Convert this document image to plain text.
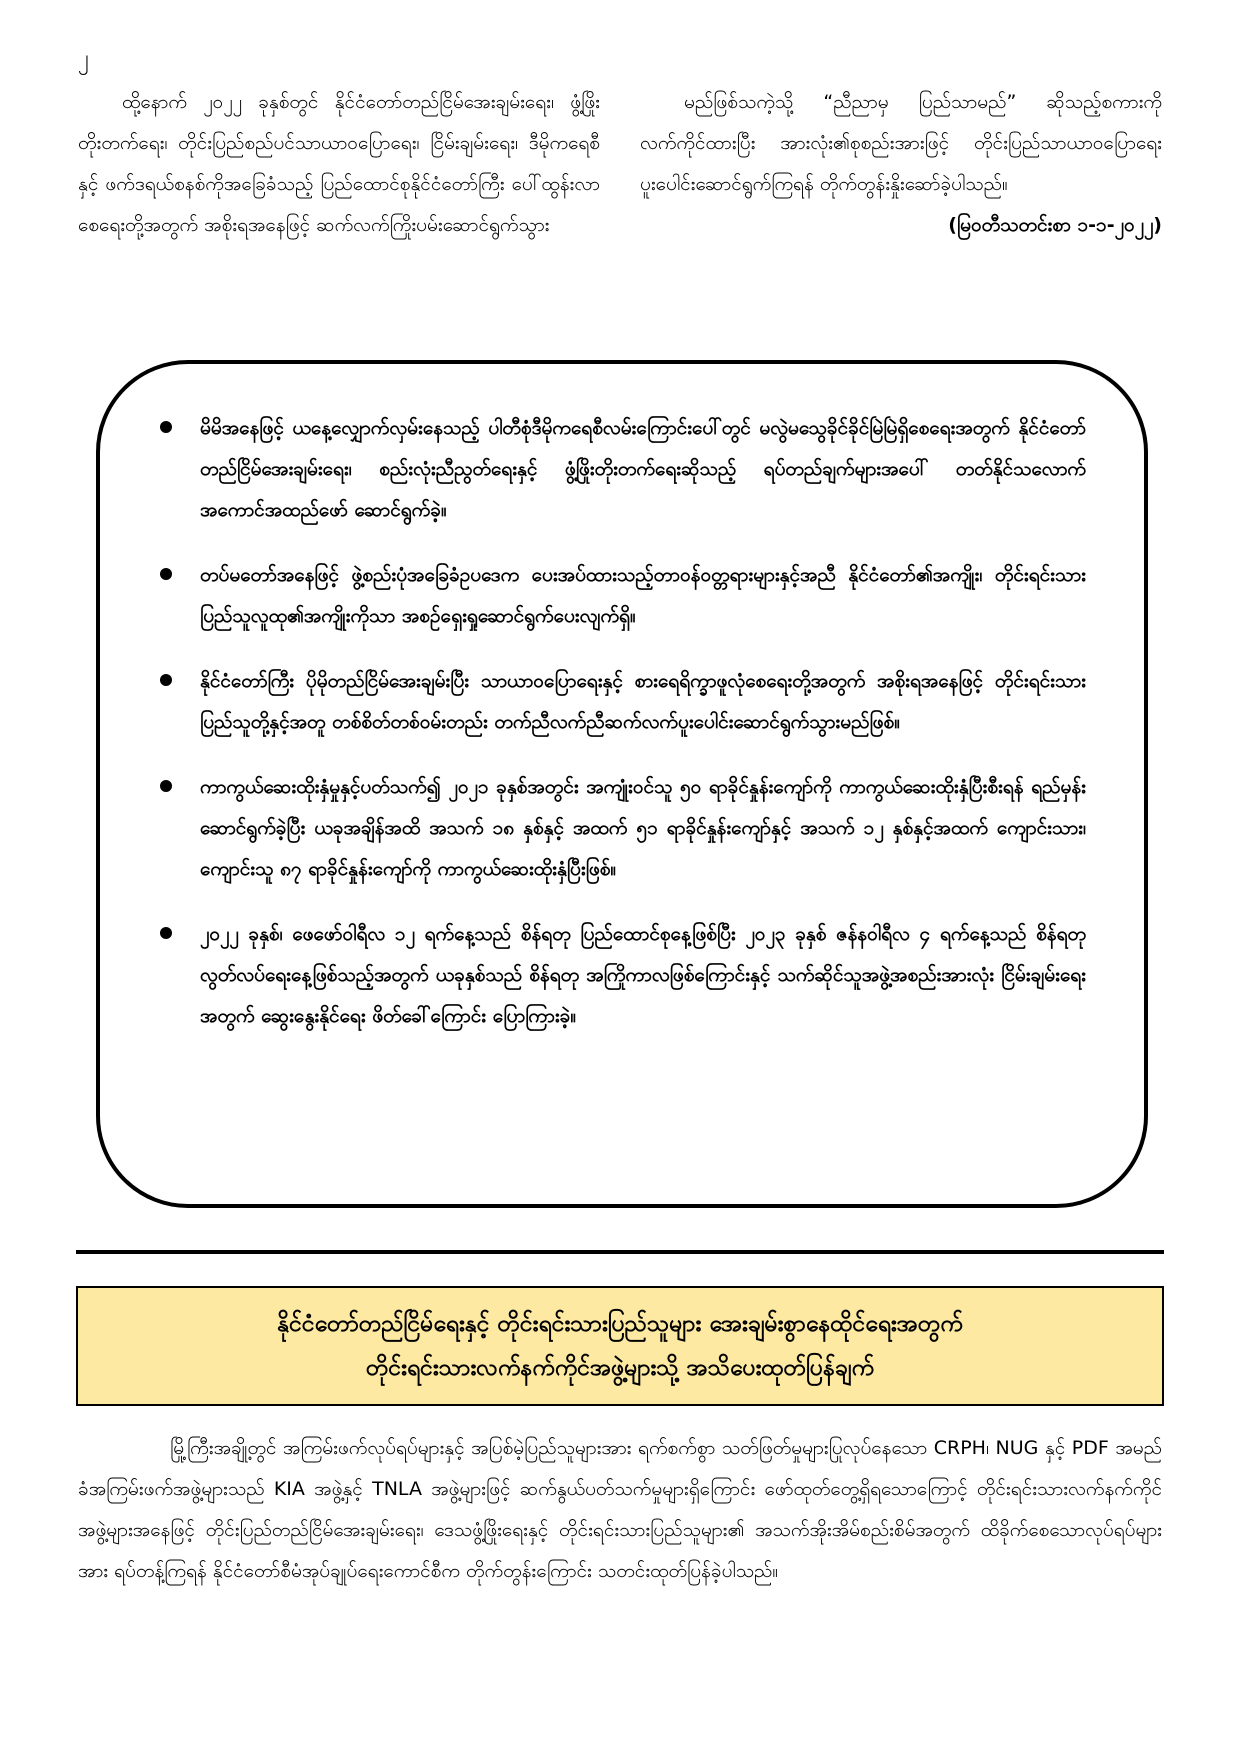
၂

ထို့နောက် ၂၀၂၂ ခုနှစ်တွင် နိုင်ငံတော်တည်ငြိမ်အေးချမ်းရေး၊ ဖွံ့ဖြိုးတိုးတက်ရေး၊ တိုင်းပြည်စည်ပင်သာယာဝပြောရေး၊ ငြိမ်းချမ်းရေး၊ ဒီမိုကရေစီနှင့် ဖက်ဒရယ်စနစ်ကိုအခြေခံသည့် ပြည်ထောင်စုနိုင်ငံတော်ကြီး ပေါ်ထွန်းလာစေရေးတို့အတွက် အစိုးရအနေဖြင့် ဆက်လက်ကြိုးပမ်းဆောင်ရွက်သွား

မည်ဖြစ်သကဲ့သို့ “ညီညာမှ ပြည်သာမည်” ဆိုသည့်စကားကို လက်ကိုင်ထားပြီး အားလုံး၏စုစည်းအားဖြင့် တိုင်းပြည်သာယာဝပြောရေး ပူးပေါင်းဆောင်ရွက်ကြရန် တိုက်တွန်းနှိုးဆော်ခဲ့ပါသည်။

(မြဝတီသတင်းစာ ၁-၁-၂၀၂၂)
မိမိအနေဖြင့် ယနေ့လျှောက်လှမ်းနေသည့် ပါတီစုံဒီမိုကရေစီလမ်းကြောင်းပေါ်တွင် မလွဲမသွေခိုင်ခိုင်မြဲမြဲရှိစေရေးအတွက် နိုင်ငံတော်တည်ငြိမ်အေးချမ်းရေး၊ စည်းလုံးညီညွတ်ရေးနှင့် ဖွံ့ဖြိုးတိုးတက်ရေးဆိုသည့် ရပ်တည်ချက်များအပေါ် တတ်နိုင်သလောက် အကောင်အထည်ဖော် ဆောင်ရွက်ခဲ့။
တပ်မတော်အနေဖြင့် ဖွဲ့စည်းပုံအခြေခံဥပဒေက ပေးအပ်ထားသည့်တာဝန်ဝတ္တရားများနှင့်အညီ နိုင်ငံတော်၏အကျိုး၊ တိုင်းရင်းသားပြည်သူလူထု၏အကျိုးကိုသာ အစဉ်ရှေးရှုဆောင်ရွက်ပေးလျက်ရှိ။
နိုင်ငံတော်ကြီး ပိုမိုတည်ငြိမ်အေးချမ်းပြီး သာယာဝပြောရေးနှင့် စားရေရိက္ခာဖူလုံစေရေးတို့အတွက် အစိုးရအနေဖြင့် တိုင်းရင်းသားပြည်သူတို့နှင့်အတူ တစ်စိတ်တစ်ဝမ်းတည်း တက်ညီလက်ညီဆက်လက်ပူးပေါင်းဆောင်ရွက်သွားမည်ဖြစ်။
ကာကွယ်ဆေးထိုးနှံမှုနှင့်ပတ်သက်၍ ၂၀၂၁ ခုနှစ်အတွင်း အကျုံးဝင်သူ ၅၀ ရာခိုင်နှုန်းကျော်ကို ကာကွယ်ဆေးထိုးနှံပြီးစီးရန် ရည်မှန်းဆောင်ရွက်ခဲ့ပြီး ယခုအချိန်အထိ အသက် ၁၈ နှစ်နှင့် အထက် ၅၁ ရာခိုင်နှုန်းကျော်နှင့် အသက် ၁၂ နှစ်နှင့်အထက် ကျောင်းသား၊ ကျောင်းသူ ၈၇ ရာခိုင်နှုန်းကျော်ကို ကာကွယ်ဆေးထိုးနှံပြီးဖြစ်။
၂၀၂၂ ခုနှစ်၊ ဖေဖော်ဝါရီလ ၁၂ ရက်နေ့သည် စိန်ရတု ပြည်ထောင်စုနေ့ဖြစ်ပြီး ၂၀၂၃ ခုနှစ် ဇန်နဝါရီလ ၄ ရက်နေ့သည် စိန်ရတုလွတ်လပ်ရေးနေ့ဖြစ်သည့်အတွက် ယခုနှစ်သည် စိန်ရတု အကြိုကာလဖြစ်ကြောင်းနှင့် သက်ဆိုင်သူအဖွဲ့အစည်းအားလုံး ငြိမ်းချမ်းရေးအတွက် ဆွေးနွေးနိုင်ရေး ဖိတ်ခေါ်ကြောင်း ပြောကြားခဲ့။
နိုင်ငံတော်တည်ငြိမ်ရေးနှင့် တိုင်းရင်းသားပြည်သူများ အေးချမ်းစွာနေထိုင်ရေးအတွက်
တိုင်းရင်းသားလက်နက်ကိုင်အဖွဲ့များသို့ အသိပေးထုတ်ပြန်ချက်

မြို့ကြီးအချို့တွင် အကြမ်းဖက်လုပ်ရပ်များနှင့် အပြစ်မဲ့ပြည်သူများအား ရက်စက်စွာ သတ်ဖြတ်မှုများပြုလုပ်နေသော CRPH၊ NUG နှင့် PDF အမည်ခံအကြမ်းဖက်အဖွဲ့များသည် KIA အဖွဲ့နှင့် TNLA အဖွဲ့များဖြင့် ဆက်နွယ်ပတ်သက်မှုများရှိကြောင်း ဖော်ထုတ်တွေ့ရှိရသောကြောင့် တိုင်းရင်းသားလက်နက်ကိုင်အဖွဲ့များအနေဖြင့် တိုင်းပြည်တည်ငြိမ်အေးချမ်းရေး၊ ဒေသဖွံ့ဖြိုးရေးနှင့် တိုင်းရင်းသားပြည်သူများ၏ အသက်အိုးအိမ်စည်းစိမ်အတွက် ထိခိုက်စေသောလုပ်ရပ်များအား ရပ်တန့်ကြရန် နိုင်ငံတော်စီမံအုပ်ချုပ်ရေးကောင်စီက တိုက်တွန်းကြောင်း သတင်းထုတ်ပြန်ခဲ့ပါသည်။
